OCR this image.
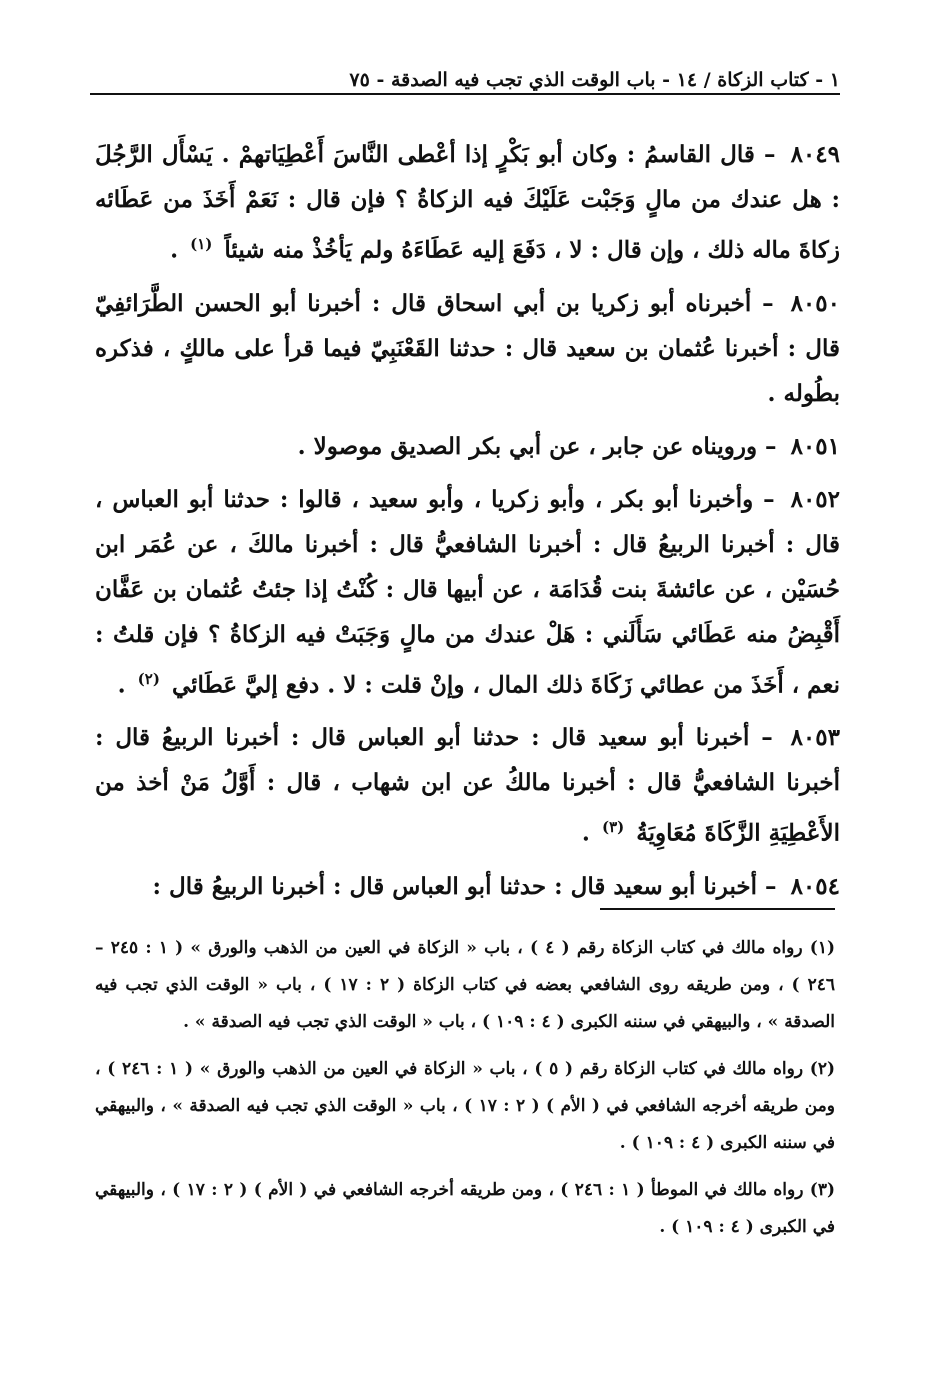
١ - كتاب الزكاة / ١٤ - باب الوقت الذي تجب فيه الصدقة - ٧٥

٨٠٤٩ – قال القاسمُ : وكان أبو بَكْرٍ إذا أعْطى النَّاسَ أَعْطِيَاتهمْ . يَسْأَل الرَّجُلَ : هل عندك من مالٍ وَجَبْت عَلَيْكَ فيه الزكاةُ ؟ فإن قال : نَعَمْ أَخَذَ من عَطَائه زكاةَ ماله ذلك ، وإن قال : لا ، دَفَعَ إليه عَطَاءَهُ ولم يَأخُذْ منه شيئاً $^{(١)}$ .

٨٠٥٠ – أخبرناه أبو زكريا بن أبي اسحاق قال : أخبرنا أبو الحسن الطَّرَائفِيّ قال : أخبرنا عُثمان بن سعيد قال : حدثنا القَعْنَبِيّ فيما قرأ على مالكٍ ، فذكره بطُوله .

٨٠٥١ – ورويناه عن جابر ، عن أبي بكر الصديق موصولا .

٨٠٥٢ – وأخبرنا أبو بكر ، وأبو زكريا ، وأبو سعيد ، قالوا : حدثنا أبو العباس ، قال : أخبرنا الربيعُ قال : أخبرنا الشافعيُّ قال : أخبرنا مالكَ ، عن عُمَر ابن حُسَيْن ، عن عائشةَ بنت قُدَامَة ، عن أبيها قال : كُنْتُ إذا جئتُ عُثمان بن عَفَّان أَقْبِضُ منه عَطَائي سَأَلَني : هَلْ عندك من مالٍ وَجَبَتْ فيه الزكاةُ ؟ فإن قلتُ : نعم ، أَخَذَ من عطائي زَكَاةَ ذلك المال ، وإنْ قلت : لا . دفع إليَّ عَطَائي $^{(٢)}$ .

٨٠٥٣ – أخبرنا أبو سعيد قال : حدثنا أبو العباس قال : أخبرنا الربيعُ قال : أخبرنا الشافعيُّ قال : أخبرنا مالكُ عن ابن شهاب ، قال : أَوَّلُ مَنْ أخذ من الأَعْطِيَةِ الزَّكَاةَ مُعَاوِيَةُ $^{(٣)}$ .

٨٠٥٤ – أخبرنا أبو سعيد قال : حدثنا أبو العباس قال : أخبرنا الربيعُ قال :

(١) رواه مالك في كتاب الزكاة رقم ( ٤ ) ، باب « الزكاة في العين من الذهب والورق » ( ١ : ٢٤٥ – ٢٤٦ ) ، ومن طريقه روى الشافعي بعضه في كتاب الزكاة ( ٢ : ١٧ ) ، باب « الوقت الذي تجب فيه الصدقة » ، والبيهقي في سننه الكبرى ( ٤ : ١٠٩ ) ، باب « الوقت الذي تجب فيه الصدقة » .

(٢) رواه مالك في كتاب الزكاة رقم ( ٥ ) ، باب « الزكاة في العين من الذهب والورق » ( ١ : ٢٤٦ ) ، ومن طريقه أخرجه الشافعي في ( الأم ) ( ٢ : ١٧ ) ، باب « الوقت الذي تجب فيه الصدقة » ، والبيهقي في سننه الكبرى ( ٤ : ١٠٩ ) .

(٣) رواه مالك في الموطأ ( ١ : ٢٤٦ ) ، ومن طريقه أخرجه الشافعي في ( الأم ) ( ٢ : ١٧ ) ، والبيهقي في الكبرى ( ٤ : ١٠٩ ) .
